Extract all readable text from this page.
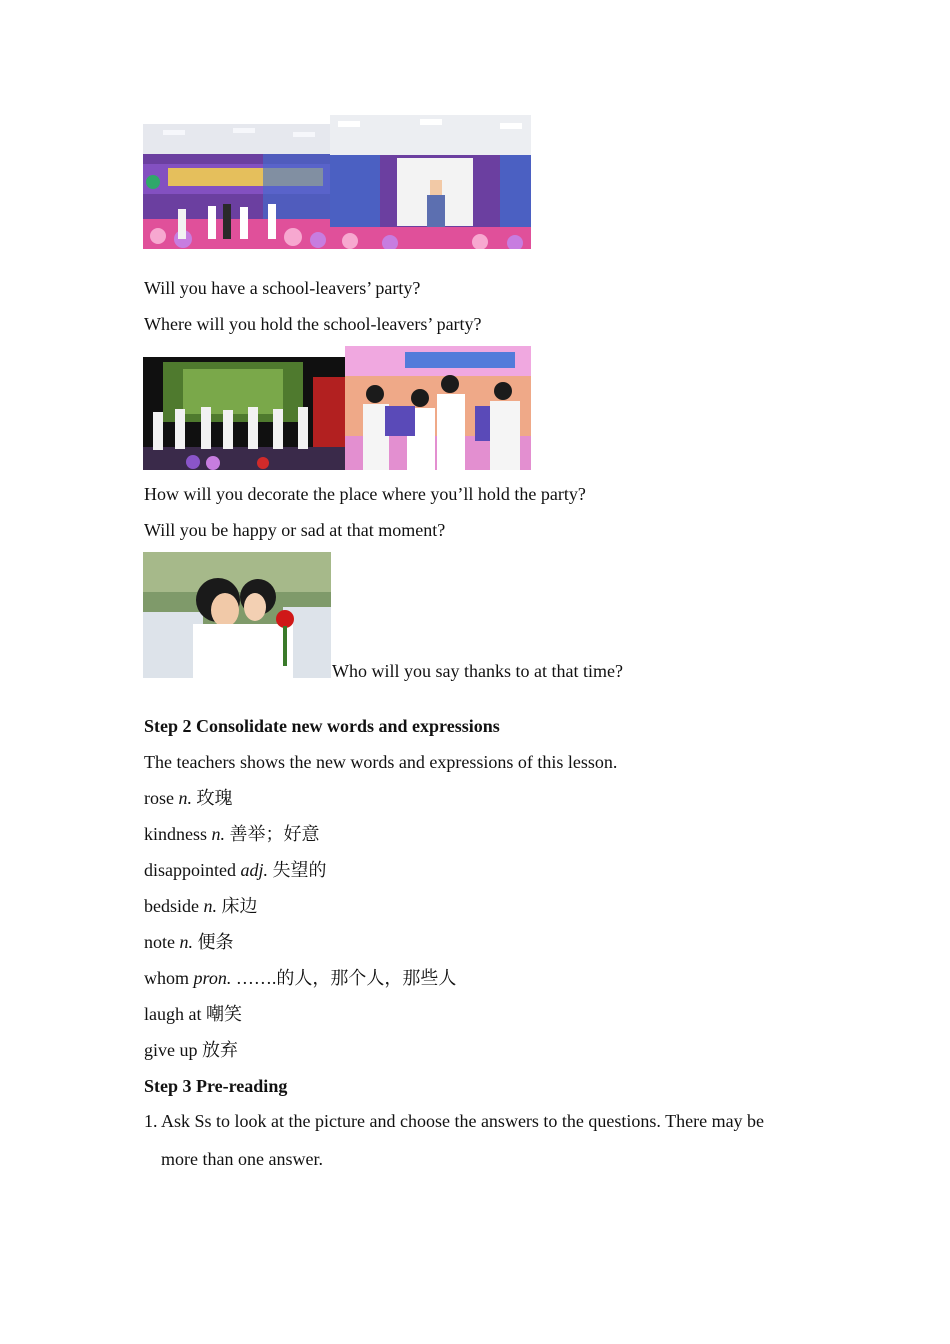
Will you have a school-leavers’ party?
Where will you hold the school-leavers’ party?
How will you decorate the place where you’ll hold the party?
Will you be happy or sad at that moment?
Who will you say thanks to at that time?
Step 2 Consolidate new words and expressions
The teachers shows the new words and expressions of this lesson.
rose n. 玫瑰
kindness n. 善举；好意
disappointed adj. 失望的
bedside n. 床边
note n. 便条
whom pron. …….的人，那个人，那些人
laugh at 嘲笑
give up 放弃
Step 3 Pre-reading
1. Ask Ss to look at the picture and choose the answers to the questions. There may be
more than one answer.
